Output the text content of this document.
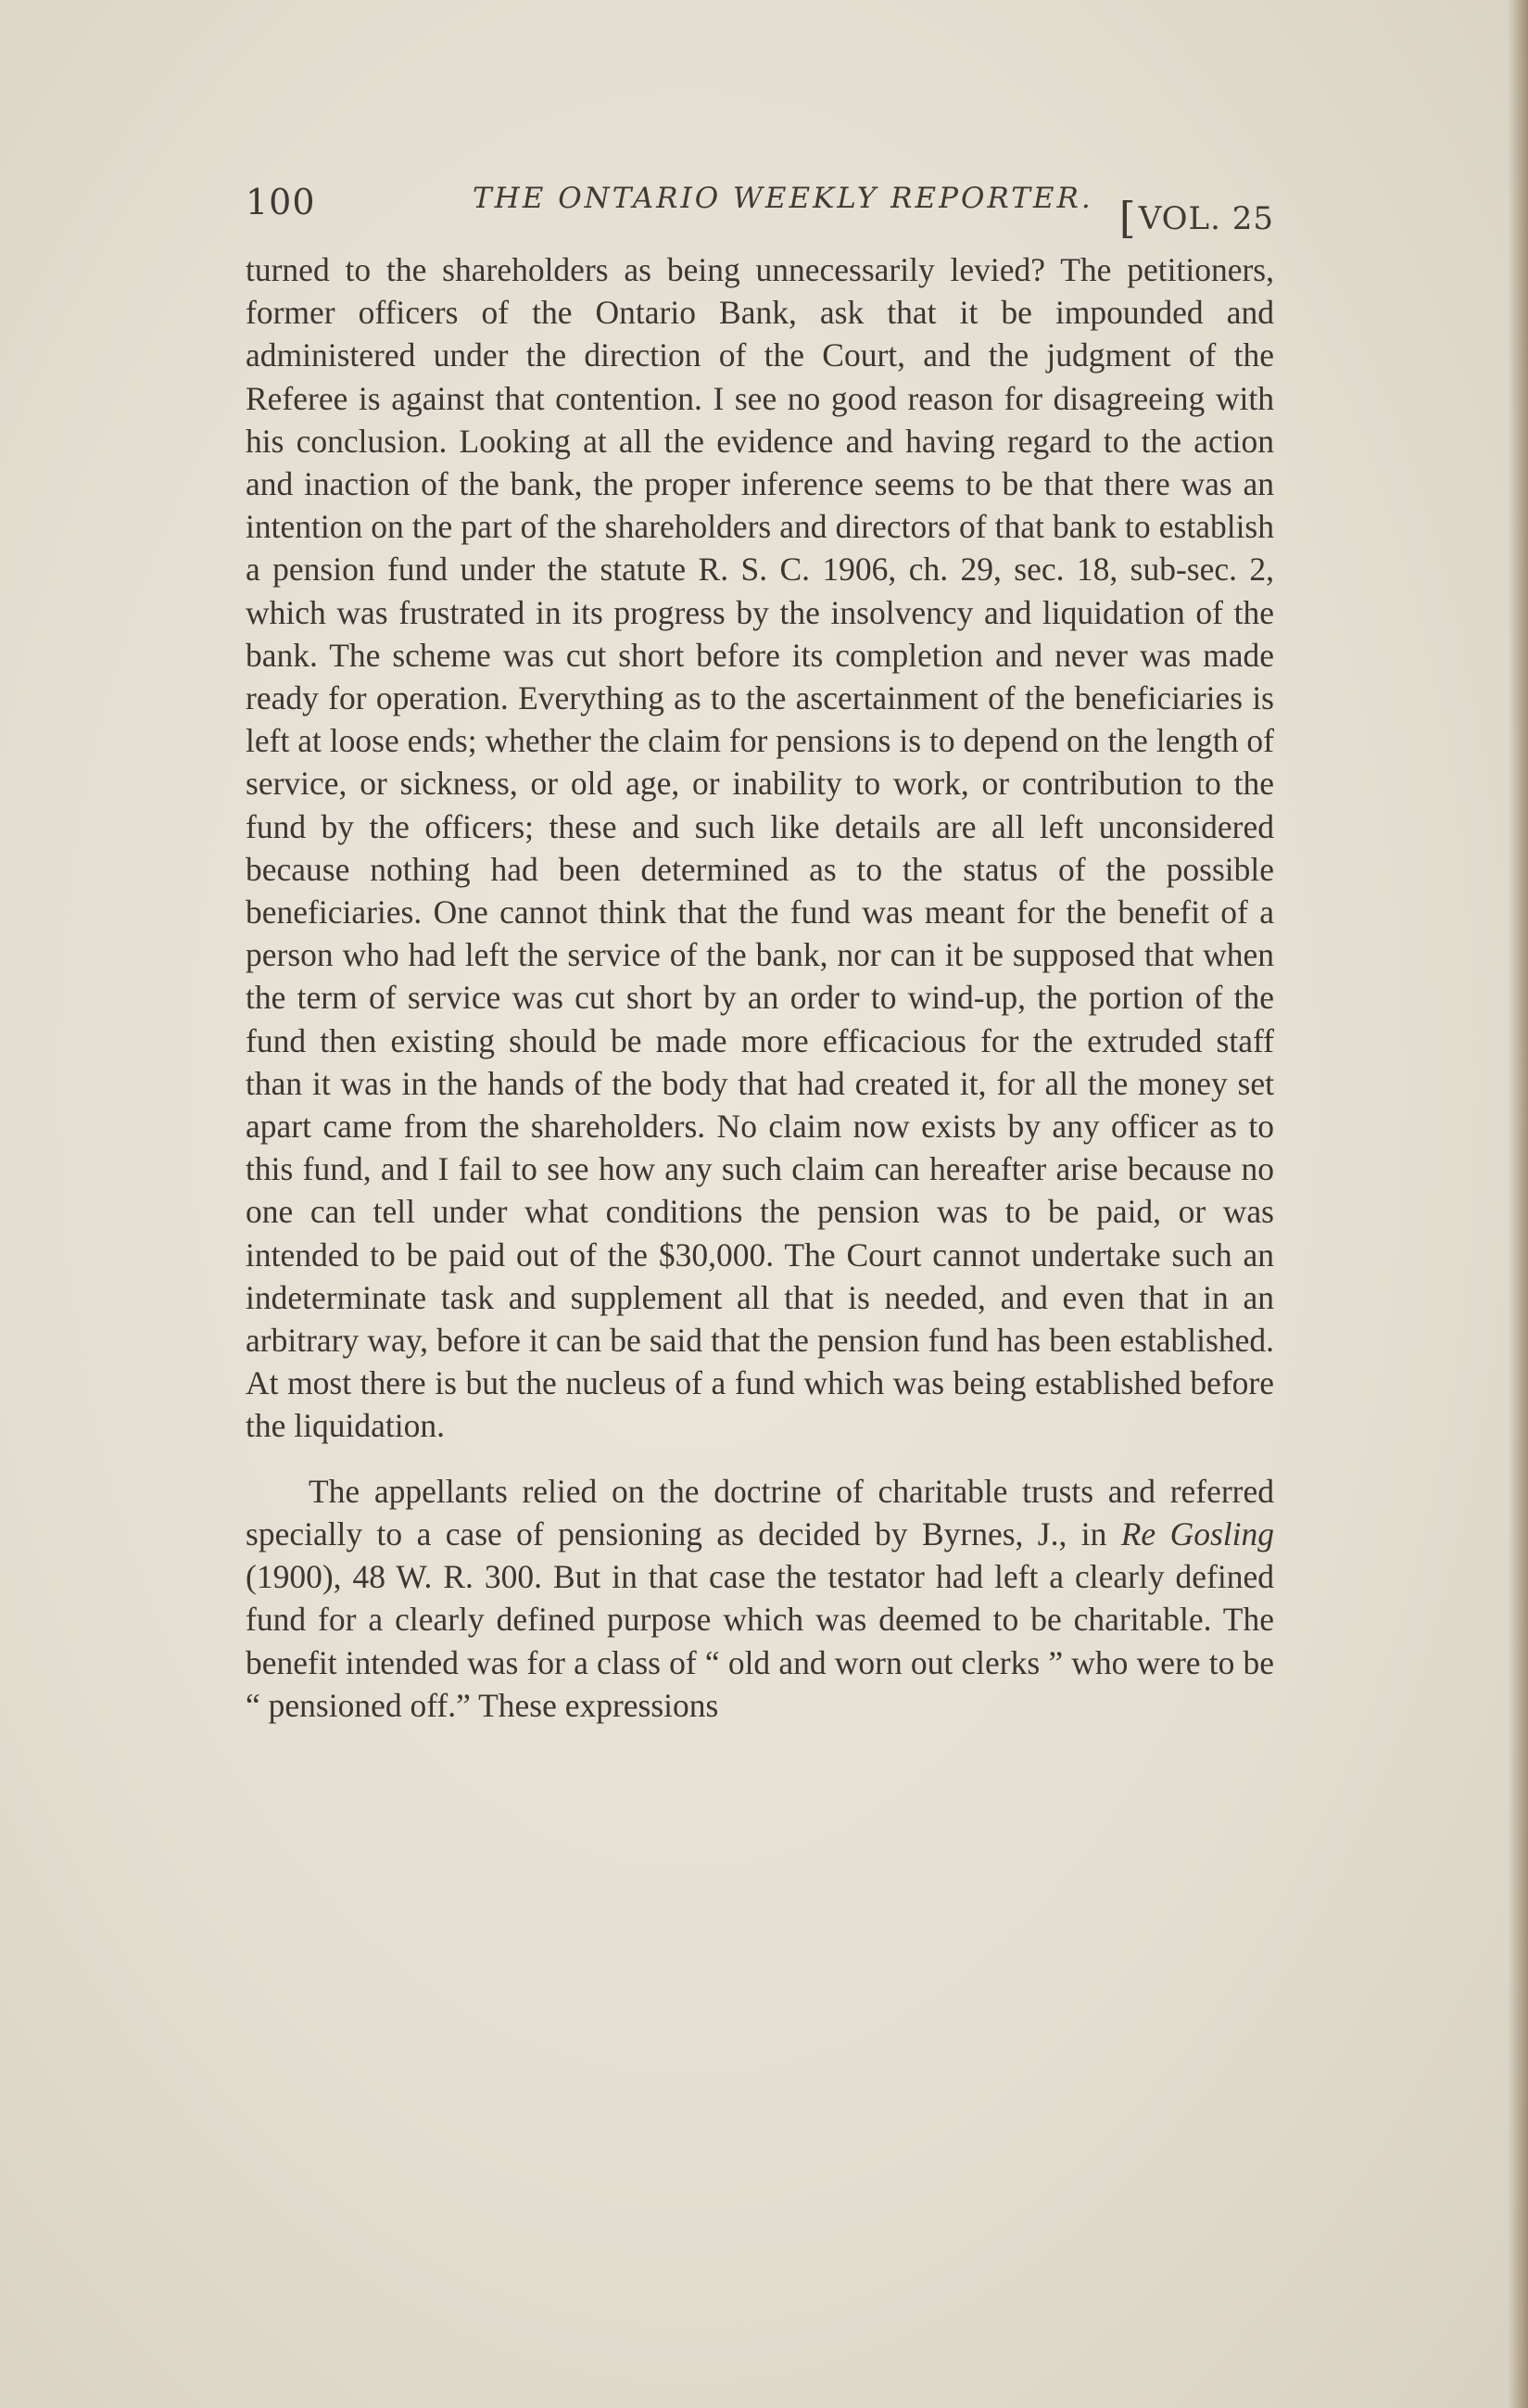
100	THE ONTARIO WEEKLY REPORTER. [VOL. 25

turned to the shareholders as being unnecessarily levied? The petitioners, former officers of the Ontario Bank, ask that it be impounded and administered under the direction of the Court, and the judgment of the Referee is against that contention. I see no good reason for disagreeing with his conclusion. Looking at all the evidence and having regard to the action and inaction of the bank, the proper inference seems to be that there was an intention on the part of the shareholders and directors of that bank to establish a pension fund under the statute R. S. C. 1906, ch. 29, sec. 18, sub-sec. 2, which was frustrated in its progress by the insolvency and liquidation of the bank. The scheme was cut short before its completion and never was made ready for operation. Everything as to the ascertainment of the beneficiaries is left at loose ends; whether the claim for pensions is to depend on the length of service, or sickness, or old age, or inability to work, or contribution to the fund by the officers; these and such like details are all left unconsidered because nothing had been determined as to the status of the possible beneficiaries. One cannot think that the fund was meant for the benefit of a person who had left the service of the bank, nor can it be supposed that when the term of service was cut short by an order to wind-up, the portion of the fund then existing should be made more efficacious for the extruded staff than it was in the hands of the body that had created it, for all the money set apart came from the shareholders. No claim now exists by any officer as to this fund, and I fail to see how any such claim can hereafter arise because no one can tell under what conditions the pension was to be paid, or was intended to be paid out of the $30,000. The Court cannot undertake such an indeterminate task and supplement all that is needed, and even that in an arbitrary way, before it can be said that the pension fund has been established. At most there is but the nucleus of a fund which was being established before the liquidation.

The appellants relied on the doctrine of charitable trusts and referred specially to a case of pensioning as decided by Byrnes, J., in Re Gosling (1900), 48 W. R. 300. But in that case the testator had left a clearly defined fund for a clearly defined purpose which was deemed to be charitable. The benefit intended was for a class of “ old and worn out clerks ” who were to be “ pensioned off.” These expressions
